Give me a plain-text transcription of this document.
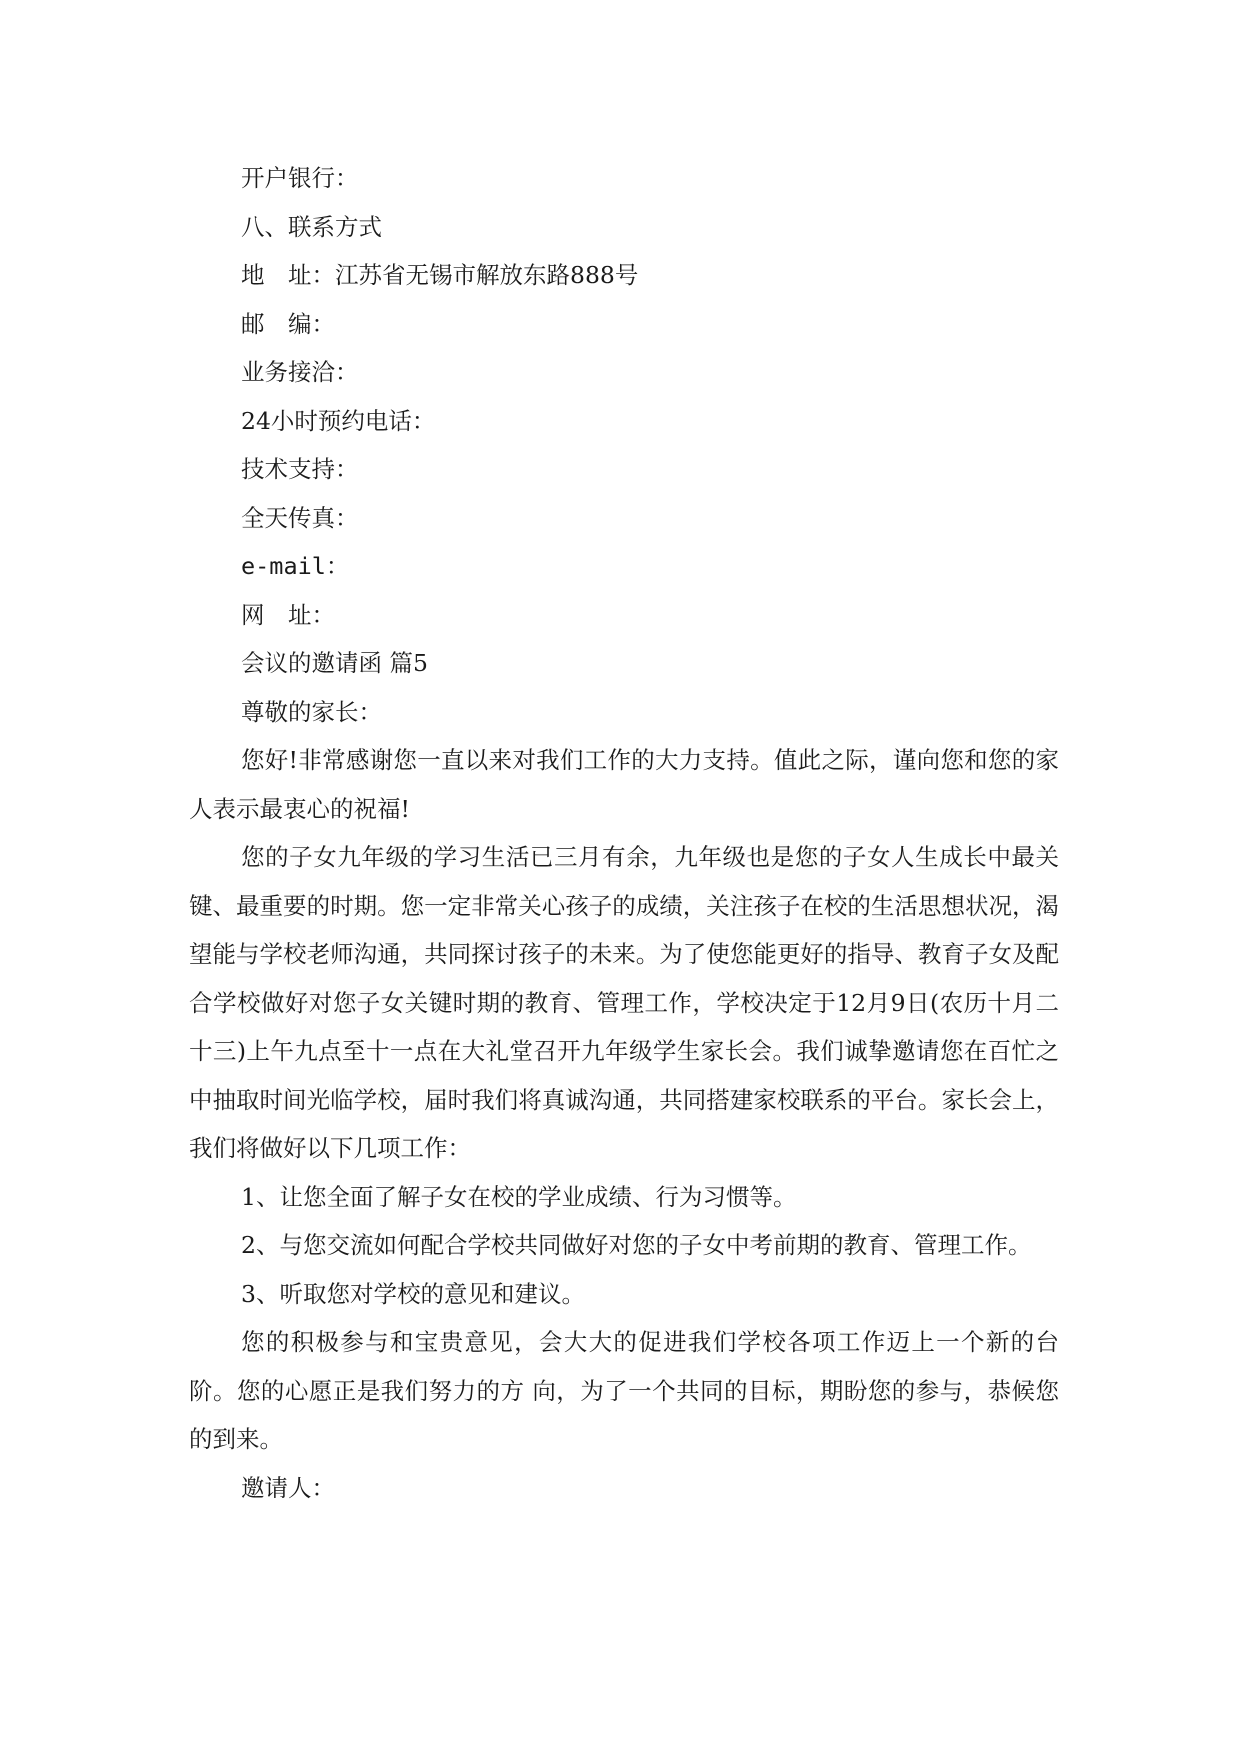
开户银行：

八、联系方式

地　址：江苏省无锡市解放东路888号

邮　编：

业务接洽：

24小时预约电话：

技术支持：

全天传真：

e-mail：

网　址：

会议的邀请函 篇5

尊敬的家长：

您好!非常感谢您一直以来对我们工作的大力支持。值此之际，谨向您和您的家人表示最衷心的祝福!

您的子女九年级的学习生活已三月有余，九年级也是您的子女人生成长中最关键、最重要的时期。您一定非常关心孩子的成绩，关注孩子在校的生活思想状况，渴望能与学校老师沟通，共同探讨孩子的未来。为了使您能更好的指导、教育子女及配合学校做好对您子女关键时期的教育、管理工作，学校决定于12月9日(农历十月二十三)上午九点至十一点在大礼堂召开九年级学生家长会。我们诚挚邀请您在百忙之中抽取时间光临学校，届时我们将真诚沟通，共同搭建家校联系的平台。家长会上，我们将做好以下几项工作：

1、让您全面了解子女在校的学业成绩、行为习惯等。

2、与您交流如何配合学校共同做好对您的子女中考前期的教育、管理工作。

3、听取您对学校的意见和建议。

您的积极参与和宝贵意见，会大大的促进我们学校各项工作迈上一个新的台阶。您的心愿正是我们努力的方 向，为了一个共同的目标，期盼您的参与，恭候您的到来。

邀请人：
